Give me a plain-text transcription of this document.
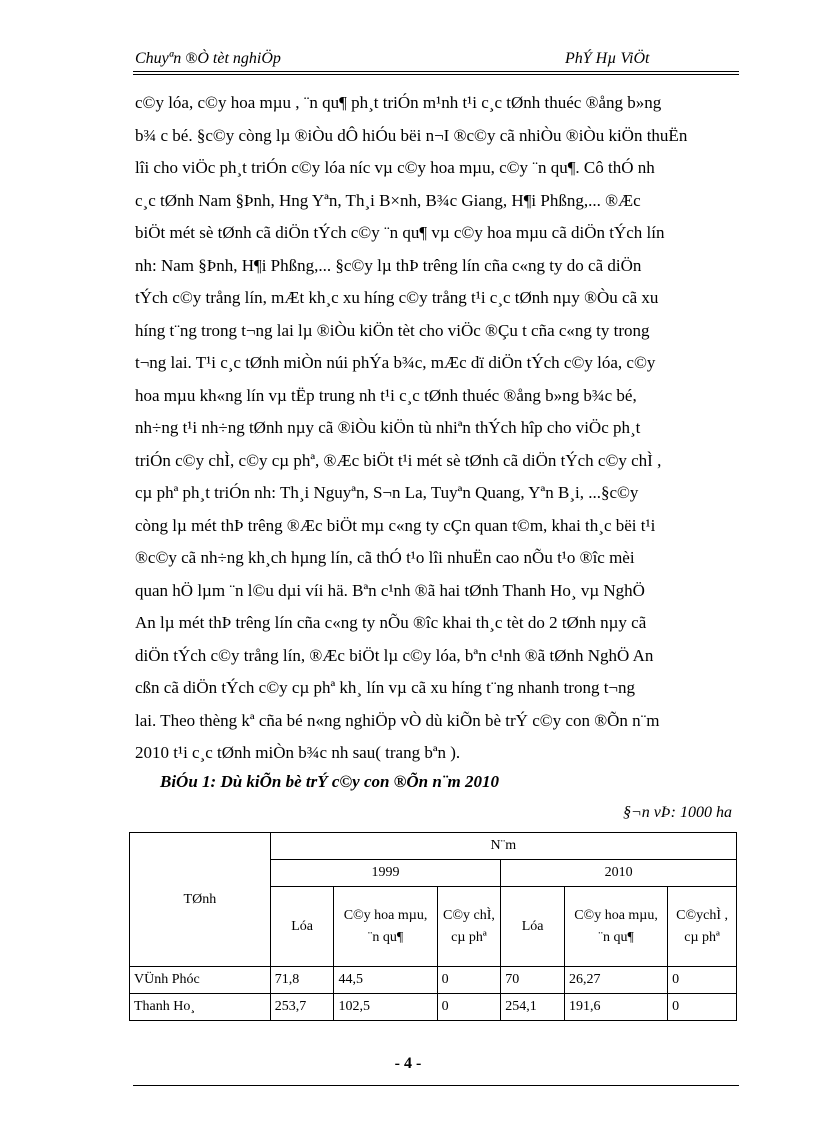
Chuyªn ®Ò tèt nghiÖp	PhÝ Hµ ViÖt
c©y lóa, c©y hoa mµu , ¨n qu¶ ph¸t triÓn m¹nh t¹i c¸c tØnh thuéc ®ång b»ng
b¾ c bé. §c©y còng lµ ®iÒu dÔ hiÓu bëi n¬I ®c©y cã nhiÒu ®iÒu kiÖn thuËn
lîi cho viÖc ph¸t triÓn c©y lóa níc vµ c©y hoa mµu, c©y ¨n qu¶. Cô thÓ nh
c¸c tØnh Nam §Þnh, Hng Yªn, Th¸i B×nh, B¾c Giang, H¶i Phßng,... ®Æc
biÖt mét sè tØnh cã diÖn tÝch c©y ¨n qu¶ vµ c©y hoa mµu cã diÖn tÝch lín
nh: Nam §Þnh, H¶i Phßng,... §c©y lµ thÞ trêng lín cña c«ng ty do cã diÖn
tÝch c©y trång lín, mÆt kh¸c xu híng c©y trång t¹i c¸c tØnh nµy ®Òu cã xu
híng t¨ng trong t¬ng lai lµ ®iÒu kiÖn tèt cho viÖc ®Çu t cña c«ng ty trong
t¬ng lai. T¹i c¸c tØnh miÒn núi phÝa b¾c, mÆc dï diÖn tÝch c©y lóa, c©y
hoa mµu kh«ng lín vµ tËp trung nh t¹i c¸c tØnh thuéc ®ång b»ng b¾c bé,
nh÷ng t¹i nh÷ng tØnh nµy cã ®iÒu kiÖn tù nhiªn thÝch hîp cho viÖc ph¸t
triÓn c©y chÌ, c©y cµ phª, ®Æc biÖt t¹i mét sè tØnh cã diÖn tÝch c©y chÌ ,
cµ phª ph¸t triÓn nh: Th¸i Nguyªn, S¬n La, Tuyªn Quang, Yªn B¸i, ...§c©y
còng lµ mét thÞ trêng ®Æc biÖt mµ c«ng ty cÇn quan t©m, khai th¸c bëi t¹i
®c©y cã nh÷ng kh¸ch hµng lín, cã thÓ t¹o lîi nhuËn cao nÕu t¹o ®îc mèi
quan hÖ lµm ¨n l©u dµi víi hä. Bªn c¹nh ®ã hai tØnh Thanh Ho¸ vµ NghÖ
An lµ mét thÞ trêng lín cña c«ng ty nÕu ®îc khai th¸c tèt do 2 tØnh nµy cã
diÖn tÝch c©y trång lín, ®Æc biÖt lµ c©y lóa, bªn c¹nh ®ã tØnh NghÖ An
cßn cã diÖn tÝch c©y cµ phª kh¸ lín vµ cã xu híng t¨ng nhanh trong t¬ng
lai. Theo thèng kª cña bé n«ng nghiÖp vÒ dù kiÕn bè trÝ c©y con ®Õn n¨m
2010 t¹i c¸c tØnh miÒn b¾c nh sau( trang bªn ).
BiÓu 1: Dù kiÕn bè trÝ c©y con ®Õn n¨m 2010
§¬n vÞ: 1000 ha
TØnh	N¨m					
	1999			2010		
	Lóa	C©y hoa mµu, ¨n qu¶	C©y chÌ, cµ phª	Lóa	C©y hoa mµu, ¨n qu¶	C©ychÌ , cµ phª
VÜnh Phóc	71,8	44,5	0	70	26,27	0
Thanh Ho¸	253,7	102,5	0	254,1	191,6	0
- 4 -
